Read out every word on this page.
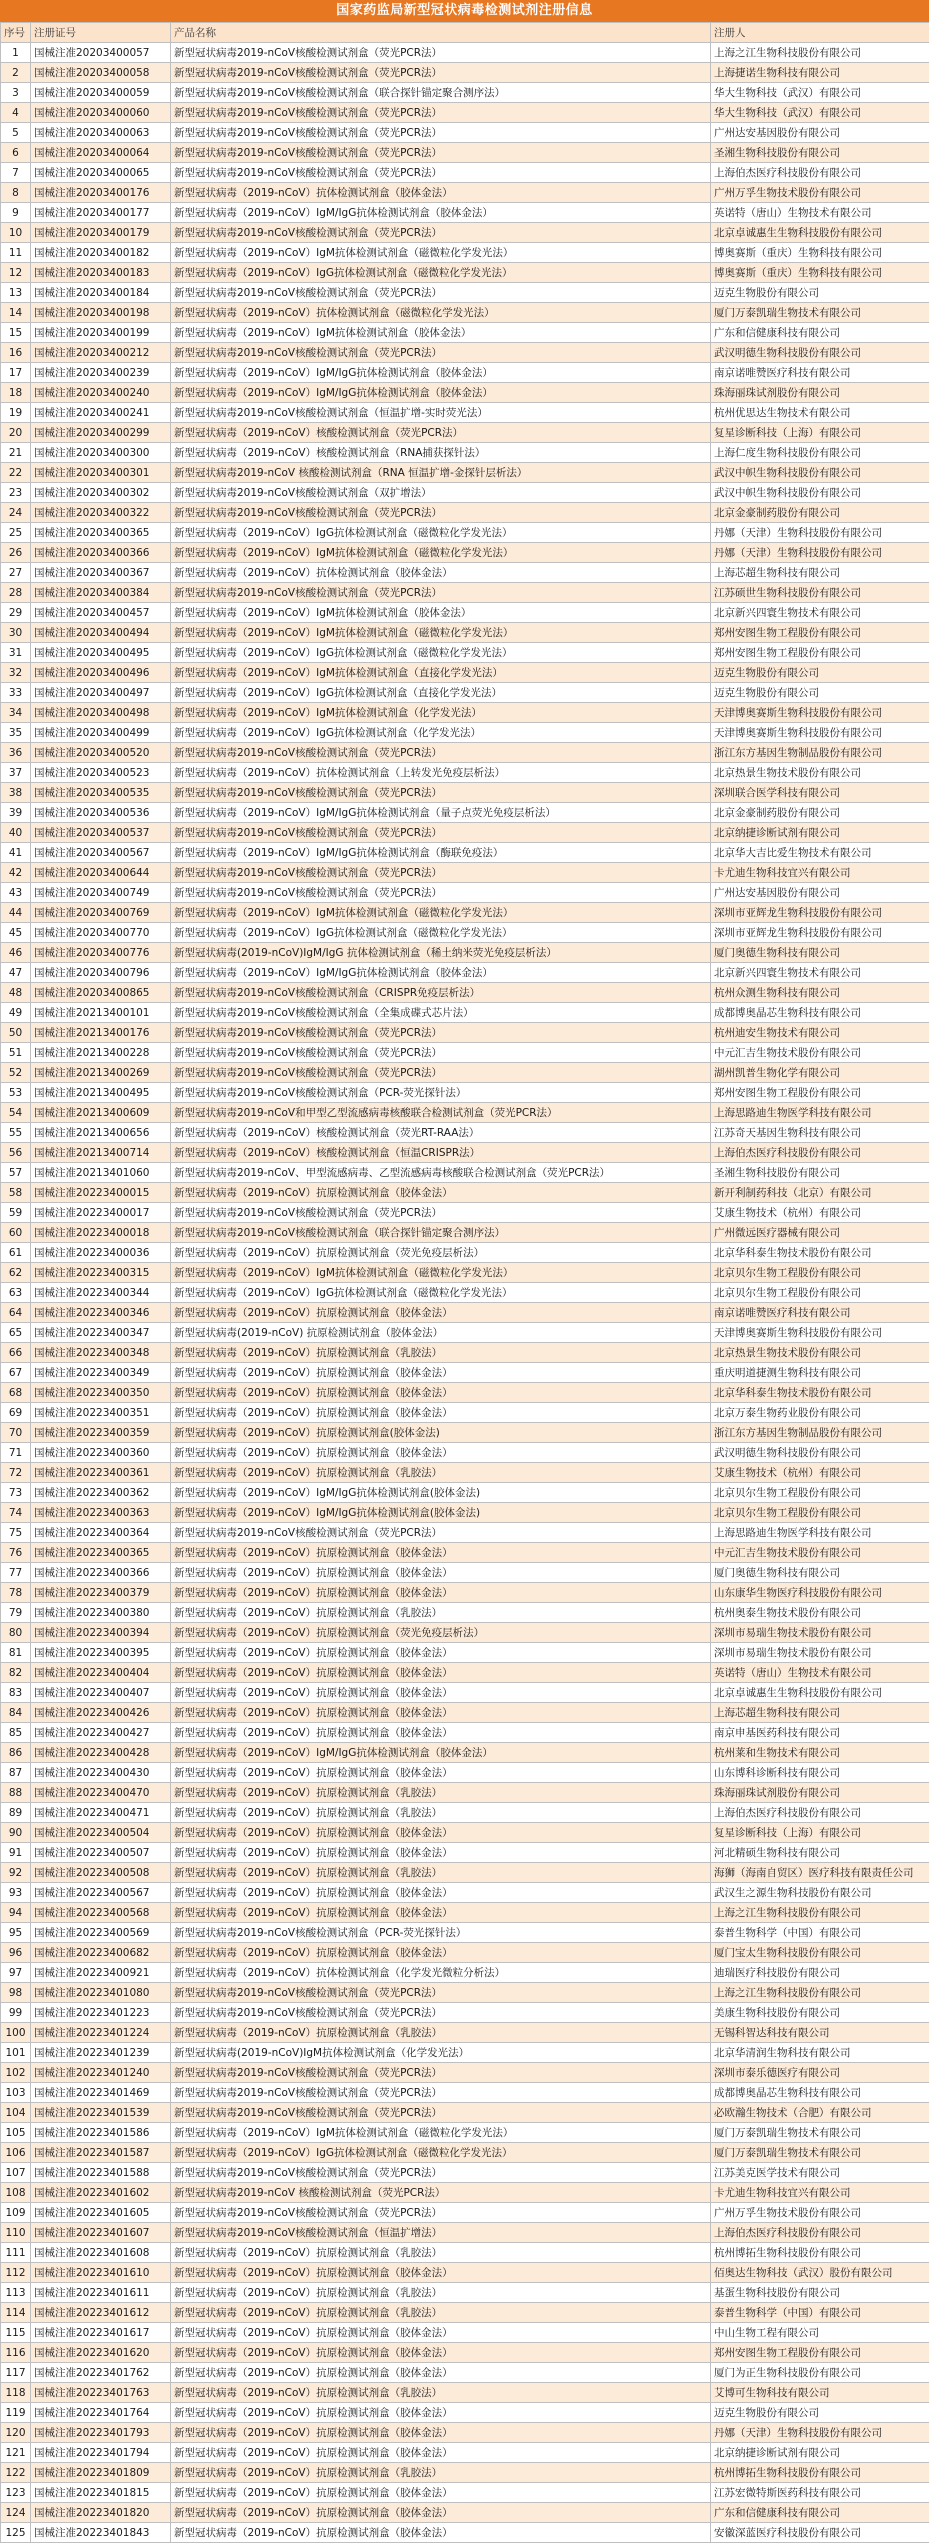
国家药监局新型冠状病毒检测试剂注册信息
序号	注册证号	产品名称	注册人
1	国械注准20203400057	新型冠状病毒2019-nCoV核酸检测试剂盒（荧光PCR法）	上海之江生物科技股份有限公司
2	国械注准20203400058	新型冠状病毒2019-nCoV核酸检测试剂盒（荧光PCR法）	上海捷诺生物科技有限公司
3	国械注准20203400059	新型冠状病毒2019-nCoV核酸检测试剂盒（联合探针锚定聚合测序法）	华大生物科技（武汉）有限公司
4	国械注准20203400060	新型冠状病毒2019-nCoV核酸检测试剂盒（荧光PCR法）	华大生物科技（武汉）有限公司
5	国械注准20203400063	新型冠状病毒2019-nCoV核酸检测试剂盒（荧光PCR法）	广州达安基因股份有限公司
6	国械注准20203400064	新型冠状病毒2019-nCoV核酸检测试剂盒（荧光PCR法）	圣湘生物科技股份有限公司
7	国械注准20203400065	新型冠状病毒2019-nCoV核酸检测试剂盒（荧光PCR法）	上海伯杰医疗科技股份有限公司
8	国械注准20203400176	新型冠状病毒（2019-nCoV）抗体检测试剂盒（胶体金法）	广州万孚生物技术股份有限公司
9	国械注准20203400177	新型冠状病毒（2019-nCoV）IgM/IgG抗体检测试剂盒（胶体金法）	英诺特（唐山）生物技术有限公司
10	国械注准20203400179	新型冠状病毒2019-nCoV核酸检测试剂盒（荧光PCR法）	北京卓诚惠生生物科技股份有限公司
11	国械注准20203400182	新型冠状病毒（2019-nCoV）IgM抗体检测试剂盒（磁微粒化学发光法）	博奥赛斯（重庆）生物科技有限公司
12	国械注准20203400183	新型冠状病毒（2019-nCoV）IgG抗体检测试剂盒（磁微粒化学发光法）	博奥赛斯（重庆）生物科技有限公司
13	国械注准20203400184	新型冠状病毒2019-nCoV核酸检测试剂盒（荧光PCR法）	迈克生物股份有限公司
14	国械注准20203400198	新型冠状病毒（2019-nCoV）抗体检测试剂盒（磁微粒化学发光法）	厦门万泰凯瑞生物技术有限公司
15	国械注准20203400199	新型冠状病毒（2019-nCoV）IgM抗体检测试剂盒（胶体金法）	广东和信健康科技有限公司
16	国械注准20203400212	新型冠状病毒2019-nCoV核酸检测试剂盒（荧光PCR法）	武汉明德生物科技股份有限公司
17	国械注准20203400239	新型冠状病毒（2019-nCoV）IgM/IgG抗体检测试剂盒（胶体金法）	南京诺唯赞医疗科技有限公司
18	国械注准20203400240	新型冠状病毒（2019-nCoV）IgM/IgG抗体检测试剂盒（胶体金法）	珠海丽珠试剂股份有限公司
19	国械注准20203400241	新型冠状病毒2019-nCoV核酸检测试剂盒（恒温扩增-实时荧光法）	杭州优思达生物技术有限公司
20	国械注准20203400299	新型冠状病毒（2019-nCoV）核酸检测试剂盒（荧光PCR法）	复星诊断科技（上海）有限公司
21	国械注准20203400300	新型冠状病毒（2019-nCoV）核酸检测试剂盒（RNA捕获探针法）	上海仁度生物科技股份有限公司
22	国械注准20203400301	新型冠状病毒2019-nCoV 核酸检测试剂盒（RNA 恒温扩增-金探针层析法）	武汉中帜生物科技股份有限公司
23	国械注准20203400302	新型冠状病毒2019-nCoV核酸检测试剂盒（双扩增法）	武汉中帜生物科技股份有限公司
24	国械注准20203400322	新型冠状病毒2019-nCoV核酸检测试剂盒（荧光PCR法）	北京金豪制药股份有限公司
25	国械注准20203400365	新型冠状病毒（2019-nCoV）IgG抗体检测试剂盒（磁微粒化学发光法）	丹娜（天津）生物科技股份有限公司
26	国械注准20203400366	新型冠状病毒（2019-nCoV）IgM抗体检测试剂盒（磁微粒化学发光法）	丹娜（天津）生物科技股份有限公司
27	国械注准20203400367	新型冠状病毒（2019-nCoV）抗体检测试剂盒（胶体金法）	上海芯超生物科技有限公司
28	国械注准20203400384	新型冠状病毒2019-nCoV核酸检测试剂盒（荧光PCR法）	江苏硕世生物科技股份有限公司
29	国械注准20203400457	新型冠状病毒（2019-nCoV）IgM抗体检测试剂盒（胶体金法）	北京新兴四寰生物技术有限公司
30	国械注准20203400494	新型冠状病毒（2019-nCoV）IgM抗体检测试剂盒（磁微粒化学发光法）	郑州安图生物工程股份有限公司
31	国械注准20203400495	新型冠状病毒（2019-nCoV）IgG抗体检测试剂盒（磁微粒化学发光法）	郑州安图生物工程股份有限公司
32	国械注准20203400496	新型冠状病毒（2019-nCoV）IgM抗体检测试剂盒（直接化学发光法）	迈克生物股份有限公司
33	国械注准20203400497	新型冠状病毒（2019-nCoV）IgG抗体检测试剂盒（直接化学发光法）	迈克生物股份有限公司
34	国械注准20203400498	新型冠状病毒（2019-nCoV）IgM抗体检测试剂盒（化学发光法）	天津博奥赛斯生物科技股份有限公司
35	国械注准20203400499	新型冠状病毒（2019-nCoV）IgG抗体检测试剂盒（化学发光法）	天津博奥赛斯生物科技股份有限公司
36	国械注准20203400520	新型冠状病毒2019-nCoV核酸检测试剂盒（荧光PCR法）	浙江东方基因生物制品股份有限公司
37	国械注准20203400523	新型冠状病毒（2019-nCoV）抗体检测试剂盒（上转发光免疫层析法）	北京热景生物技术股份有限公司
38	国械注准20203400535	新型冠状病毒2019-nCoV核酸检测试剂盒（荧光PCR法）	深圳联合医学科技有限公司
39	国械注准20203400536	新型冠状病毒（2019-nCoV）IgM/IgG抗体检测试剂盒（量子点荧光免疫层析法）	北京金豪制药股份有限公司
40	国械注准20203400537	新型冠状病毒2019-nCoV核酸检测试剂盒（荧光PCR法）	北京纳捷诊断试剂有限公司
41	国械注准20203400567	新型冠状病毒（2019-nCoV）IgM/IgG抗体检测试剂盒（酶联免疫法）	北京华大吉比爱生物技术有限公司
42	国械注准20203400644	新型冠状病毒2019-nCoV核酸检测试剂盒（荧光PCR法）	卡尤迪生物科技宜兴有限公司
43	国械注准20203400749	新型冠状病毒2019-nCoV核酸检测试剂盒（荧光PCR法）	广州达安基因股份有限公司
44	国械注准20203400769	新型冠状病毒（2019-nCoV）IgM抗体检测试剂盒（磁微粒化学发光法）	深圳市亚辉龙生物科技股份有限公司
45	国械注准20203400770	新型冠状病毒（2019-nCoV）IgG抗体检测试剂盒（磁微粒化学发光法）	深圳市亚辉龙生物科技股份有限公司
46	国械注准20203400776	新型冠状病毒(2019-nCoV)IgM/IgG 抗体检测试剂盒（稀土纳米荧光免疫层析法）	厦门奥德生物科技有限公司
47	国械注准20203400796	新型冠状病毒（2019-nCoV）IgM/IgG抗体检测试剂盒（胶体金法）	北京新兴四寰生物技术有限公司
48	国械注准20203400865	新型冠状病毒2019-nCoV核酸检测试剂盒（CRISPR免疫层析法）	杭州众测生物科技有限公司
49	国械注准20213400101	新型冠状病毒2019-nCoV核酸检测试剂盒（全集成碟式芯片法）	成都博奥晶芯生物科技有限公司
50	国械注准20213400176	新型冠状病毒2019-nCoV核酸检测试剂盒（荧光PCR法）	杭州迪安生物技术有限公司
51	国械注准20213400228	新型冠状病毒2019-nCoV核酸检测试剂盒（荧光PCR法）	中元汇吉生物技术股份有限公司
52	国械注准20213400269	新型冠状病毒2019-nCoV核酸检测试剂盒（荧光PCR法）	湖州凯普生物化学有限公司
53	国械注准20213400495	新型冠状病毒2019-nCoV核酸检测试剂盒（PCR-荧光探针法）	郑州安图生物工程股份有限公司
54	国械注准20213400609	新型冠状病毒2019-nCoV和甲型乙型流感病毒核酸联合检测试剂盒（荧光PCR法）	上海思路迪生物医学科技有限公司
55	国械注准20213400656	新型冠状病毒（2019-nCoV）核酸检测试剂盒（荧光RT-RAA法）	江苏奇天基因生物科技有限公司
56	国械注准20213400714	新型冠状病毒（2019-nCoV）核酸检测试剂盒（恒温CRISPR法）	上海伯杰医疗科技股份有限公司
57	国械注准20213401060	新型冠状病毒2019-nCoV、甲型流感病毒、乙型流感病毒核酸联合检测试剂盒（荧光PCR法）	圣湘生物科技股份有限公司
58	国械注准20223400015	新型冠状病毒（2019-nCoV）抗原检测试剂盒（胶体金法）	新开利制药科技（北京）有限公司
59	国械注准20223400017	新型冠状病毒2019-nCoV核酸检测试剂盒（荧光PCR法）	艾康生物技术（杭州）有限公司
60	国械注准20223400018	新型冠状病毒2019-nCoV核酸检测试剂盒（联合探针锚定聚合测序法）	广州微远医疗器械有限公司
61	国械注准20223400036	新型冠状病毒（2019-nCoV）抗原检测试剂盒（荧光免疫层析法）	北京华科泰生物技术股份有限公司
62	国械注准20223400315	新型冠状病毒（2019-nCoV）IgM抗体检测试剂盒（磁微粒化学发光法）	北京贝尔生物工程股份有限公司
63	国械注准20223400344	新型冠状病毒（2019-nCoV）IgG抗体检测试剂盒（磁微粒化学发光法）	北京贝尔生物工程股份有限公司
64	国械注准20223400346	新型冠状病毒（2019-nCoV）抗原检测试剂盒（胶体金法）	南京诺唯赞医疗科技有限公司
65	国械注准20223400347	新型冠状病毒(2019-nCoV) 抗原检测试剂盒（胶体金法）	天津博奥赛斯生物科技股份有限公司
66	国械注准20223400348	新型冠状病毒（2019-nCoV）抗原检测试剂盒（乳胶法）	北京热景生物技术股份有限公司
67	国械注准20223400349	新型冠状病毒（2019-nCoV）抗原检测试剂盒（胶体金法）	重庆明道捷测生物科技有限公司
68	国械注准20223400350	新型冠状病毒（2019-nCoV）抗原检测试剂盒（胶体金法）	北京华科泰生物技术股份有限公司
69	国械注准20223400351	新型冠状病毒（2019-nCoV）抗原检测试剂盒（胶体金法）	北京万泰生物药业股份有限公司
70	国械注准20223400359	新型冠状病毒（2019-nCoV）抗原检测试剂盒(胶体金法)	浙江东方基因生物制品股份有限公司
71	国械注准20223400360	新型冠状病毒（2019-nCoV）抗原检测试剂盒（胶体金法）	武汉明德生物科技股份有限公司
72	国械注准20223400361	新型冠状病毒（2019-nCoV）抗原检测试剂盒（乳胶法）	艾康生物技术（杭州）有限公司
73	国械注准20223400362	新型冠状病毒（2019-nCoV）IgM/IgG抗体检测试剂盒(胶体金法)	北京贝尔生物工程股份有限公司
74	国械注准20223400363	新型冠状病毒（2019-nCoV）IgM/IgG抗体检测试剂盒(胶体金法)	北京贝尔生物工程股份有限公司
75	国械注准20223400364	新型冠状病毒2019-nCoV核酸检测试剂盒（荧光PCR法）	上海思路迪生物医学科技有限公司
76	国械注准20223400365	新型冠状病毒（2019-nCoV）抗原检测试剂盒（胶体金法）	中元汇吉生物技术股份有限公司
77	国械注准20223400366	新型冠状病毒（2019-nCoV）抗原检测试剂盒（胶体金法）	厦门奥德生物科技有限公司
78	国械注准20223400379	新型冠状病毒（2019-nCoV）抗原检测试剂盒（胶体金法）	山东康华生物医疗科技股份有限公司
79	国械注准20223400380	新型冠状病毒（2019-nCoV）抗原检测试剂盒（乳胶法）	杭州奥泰生物技术股份有限公司
80	国械注准20223400394	新型冠状病毒（2019-nCoV）抗原检测试剂盒（荧光免疫层析法）	深圳市易瑞生物技术股份有限公司
81	国械注准20223400395	新型冠状病毒（2019-nCoV）抗原检测试剂盒（胶体金法）	深圳市易瑞生物技术股份有限公司
82	国械注准20223400404	新型冠状病毒（2019-nCoV）抗原检测试剂盒（胶体金法）	英诺特（唐山）生物技术有限公司
83	国械注准20223400407	新型冠状病毒（2019-nCoV）抗原检测试剂盒（胶体金法）	北京卓诚惠生生物科技股份有限公司
84	国械注准20223400426	新型冠状病毒（2019-nCoV）抗原检测试剂盒（胶体金法）	上海芯超生物科技有限公司
85	国械注准20223400427	新型冠状病毒（2019-nCoV）抗原检测试剂盒（胶体金法）	南京申基医药科技有限公司
86	国械注准20223400428	新型冠状病毒（2019-nCoV）IgM/IgG抗体检测试剂盒（胶体金法）	杭州莱和生物技术有限公司
87	国械注准20223400430	新型冠状病毒（2019-nCoV）抗原检测试剂盒（胶体金法）	山东博科诊断科技有限公司
88	国械注准20223400470	新型冠状病毒（2019-nCoV）抗原检测试剂盒（乳胶法）	珠海丽珠试剂股份有限公司
89	国械注准20223400471	新型冠状病毒（2019-nCoV）抗原检测试剂盒（乳胶法）	上海伯杰医疗科技股份有限公司
90	国械注准20223400504	新型冠状病毒（2019-nCoV）抗原检测试剂盒（胶体金法）	复星诊断科技（上海）有限公司
91	国械注准20223400507	新型冠状病毒（2019-nCoV）抗原检测试剂盒（胶体金法）	河北精硕生物科技有限公司
92	国械注准20223400508	新型冠状病毒（2019-nCoV）抗原检测试剂盒（乳胶法）	海狮（海南自贸区）医疗科技有限责任公司
93	国械注准20223400567	新型冠状病毒（2019-nCoV）抗原检测试剂盒（胶体金法）	武汉生之源生物科技股份有限公司
94	国械注准20223400568	新型冠状病毒（2019-nCoV）抗原检测试剂盒（胶体金法）	上海之江生物科技股份有限公司
95	国械注准20223400569	新型冠状病毒2019-nCoV核酸检测试剂盒（PCR-荧光探针法）	泰普生物科学（中国）有限公司
96	国械注准20223400682	新型冠状病毒（2019-nCoV）抗原检测试剂盒（胶体金法）	厦门宝太生物科技股份有限公司
97	国械注准20223400921	新型冠状病毒（2019-nCoV）抗体检测试剂盒（化学发光微粒分析法）	迪瑞医疗科技股份有限公司
98	国械注准20223401080	新型冠状病毒2019-nCoV核酸检测试剂盒（荧光PCR法）	上海之江生物科技股份有限公司
99	国械注准20223401223	新型冠状病毒2019-nCoV核酸检测试剂盒（荧光PCR法）	美康生物科技股份有限公司
100	国械注准20223401224	新型冠状病毒（2019-nCoV）抗原检测试剂盒（乳胶法）	无锡科智达科技有限公司
101	国械注准20223401239	新型冠状病毒(2019-nCoV)IgM抗体检测试剂盒（化学发光法）	北京华清润生物科技有限公司
102	国械注准20223401240	新型冠状病毒2019-nCoV核酸检测试剂盒（荧光PCR法）	深圳市泰乐德医疗有限公司
103	国械注准20223401469	新型冠状病毒2019-nCoV核酸检测试剂盒（荧光PCR法）	成都博奥晶芯生物科技有限公司
104	国械注准20223401539	新型冠状病毒2019-nCoV核酸检测试剂盒（荧光PCR法）	必欧瀚生物技术（合肥）有限公司
105	国械注准20223401586	新型冠状病毒（2019-nCoV）IgM抗体检测试剂盒（磁微粒化学发光法）	厦门万泰凯瑞生物技术有限公司
106	国械注准20223401587	新型冠状病毒（2019-nCoV）IgG抗体检测试剂盒（磁微粒化学发光法）	厦门万泰凯瑞生物技术有限公司
107	国械注准20223401588	新型冠状病毒2019-nCoV核酸检测试剂盒（荧光PCR法）	江苏美克医学技术有限公司
108	国械注准20223401602	新型冠状病毒2019-nCoV 核酸检测试剂盒（荧光PCR法）	卡尤迪生物科技宜兴有限公司
109	国械注准20223401605	新型冠状病毒2019-nCoV核酸检测试剂盒（荧光PCR法）	广州万孚生物技术股份有限公司
110	国械注准20223401607	新型冠状病毒2019-nCoV核酸检测试剂盒（恒温扩增法）	上海伯杰医疗科技股份有限公司
111	国械注准20223401608	新型冠状病毒（2019-nCoV）抗原检测试剂盒（乳胶法）	杭州博拓生物科技股份有限公司
112	国械注准20223401610	新型冠状病毒（2019-nCoV）抗原检测试剂盒（胶体金法）	佰奥达生物科技（武汉）股份有限公司
113	国械注准20223401611	新型冠状病毒（2019-nCoV）抗原检测试剂盒（乳胶法）	基蛋生物科技股份有限公司
114	国械注准20223401612	新型冠状病毒（2019-nCoV）抗原检测试剂盒（乳胶法）	泰普生物科学（中国）有限公司
115	国械注准20223401617	新型冠状病毒（2019-nCoV）抗原检测试剂盒（胶体金法）	中山生物工程有限公司
116	国械注准20223401620	新型冠状病毒（2019-nCoV）抗原检测试剂盒（胶体金法）	郑州安图生物工程股份有限公司
117	国械注准20223401762	新型冠状病毒（2019-nCoV）抗原检测试剂盒（胶体金法）	厦门为正生物科技股份有限公司
118	国械注准20223401763	新型冠状病毒（2019-nCoV）抗原检测试剂盒（乳胶法）	艾博可生物科技有限公司
119	国械注准20223401764	新型冠状病毒（2019-nCoV）抗原检测试剂盒（胶体金法）	迈克生物股份有限公司
120	国械注准20223401793	新型冠状病毒（2019-nCoV）抗原检测试剂盒（胶体金法）	丹娜（天津）生物科技股份有限公司
121	国械注准20223401794	新型冠状病毒（2019-nCoV）抗原检测试剂盒（胶体金法）	北京纳捷诊断试剂有限公司
122	国械注准20223401809	新型冠状病毒（2019-nCoV）抗原检测试剂盒（乳胶法）	杭州博拓生物科技股份有限公司
123	国械注准20223401815	新型冠状病毒（2019-nCoV）抗原检测试剂盒（胶体金法）	江苏宏微特斯医药科技有限公司
124	国械注准20223401820	新型冠状病毒（2019-nCoV）抗原检测试剂盒（胶体金法）	广东和信健康科技有限公司
125	国械注准20223401843	新型冠状病毒（2019-nCoV）抗原检测试剂盒（胶体金法）	安徽深蓝医疗科技股份有限公司
